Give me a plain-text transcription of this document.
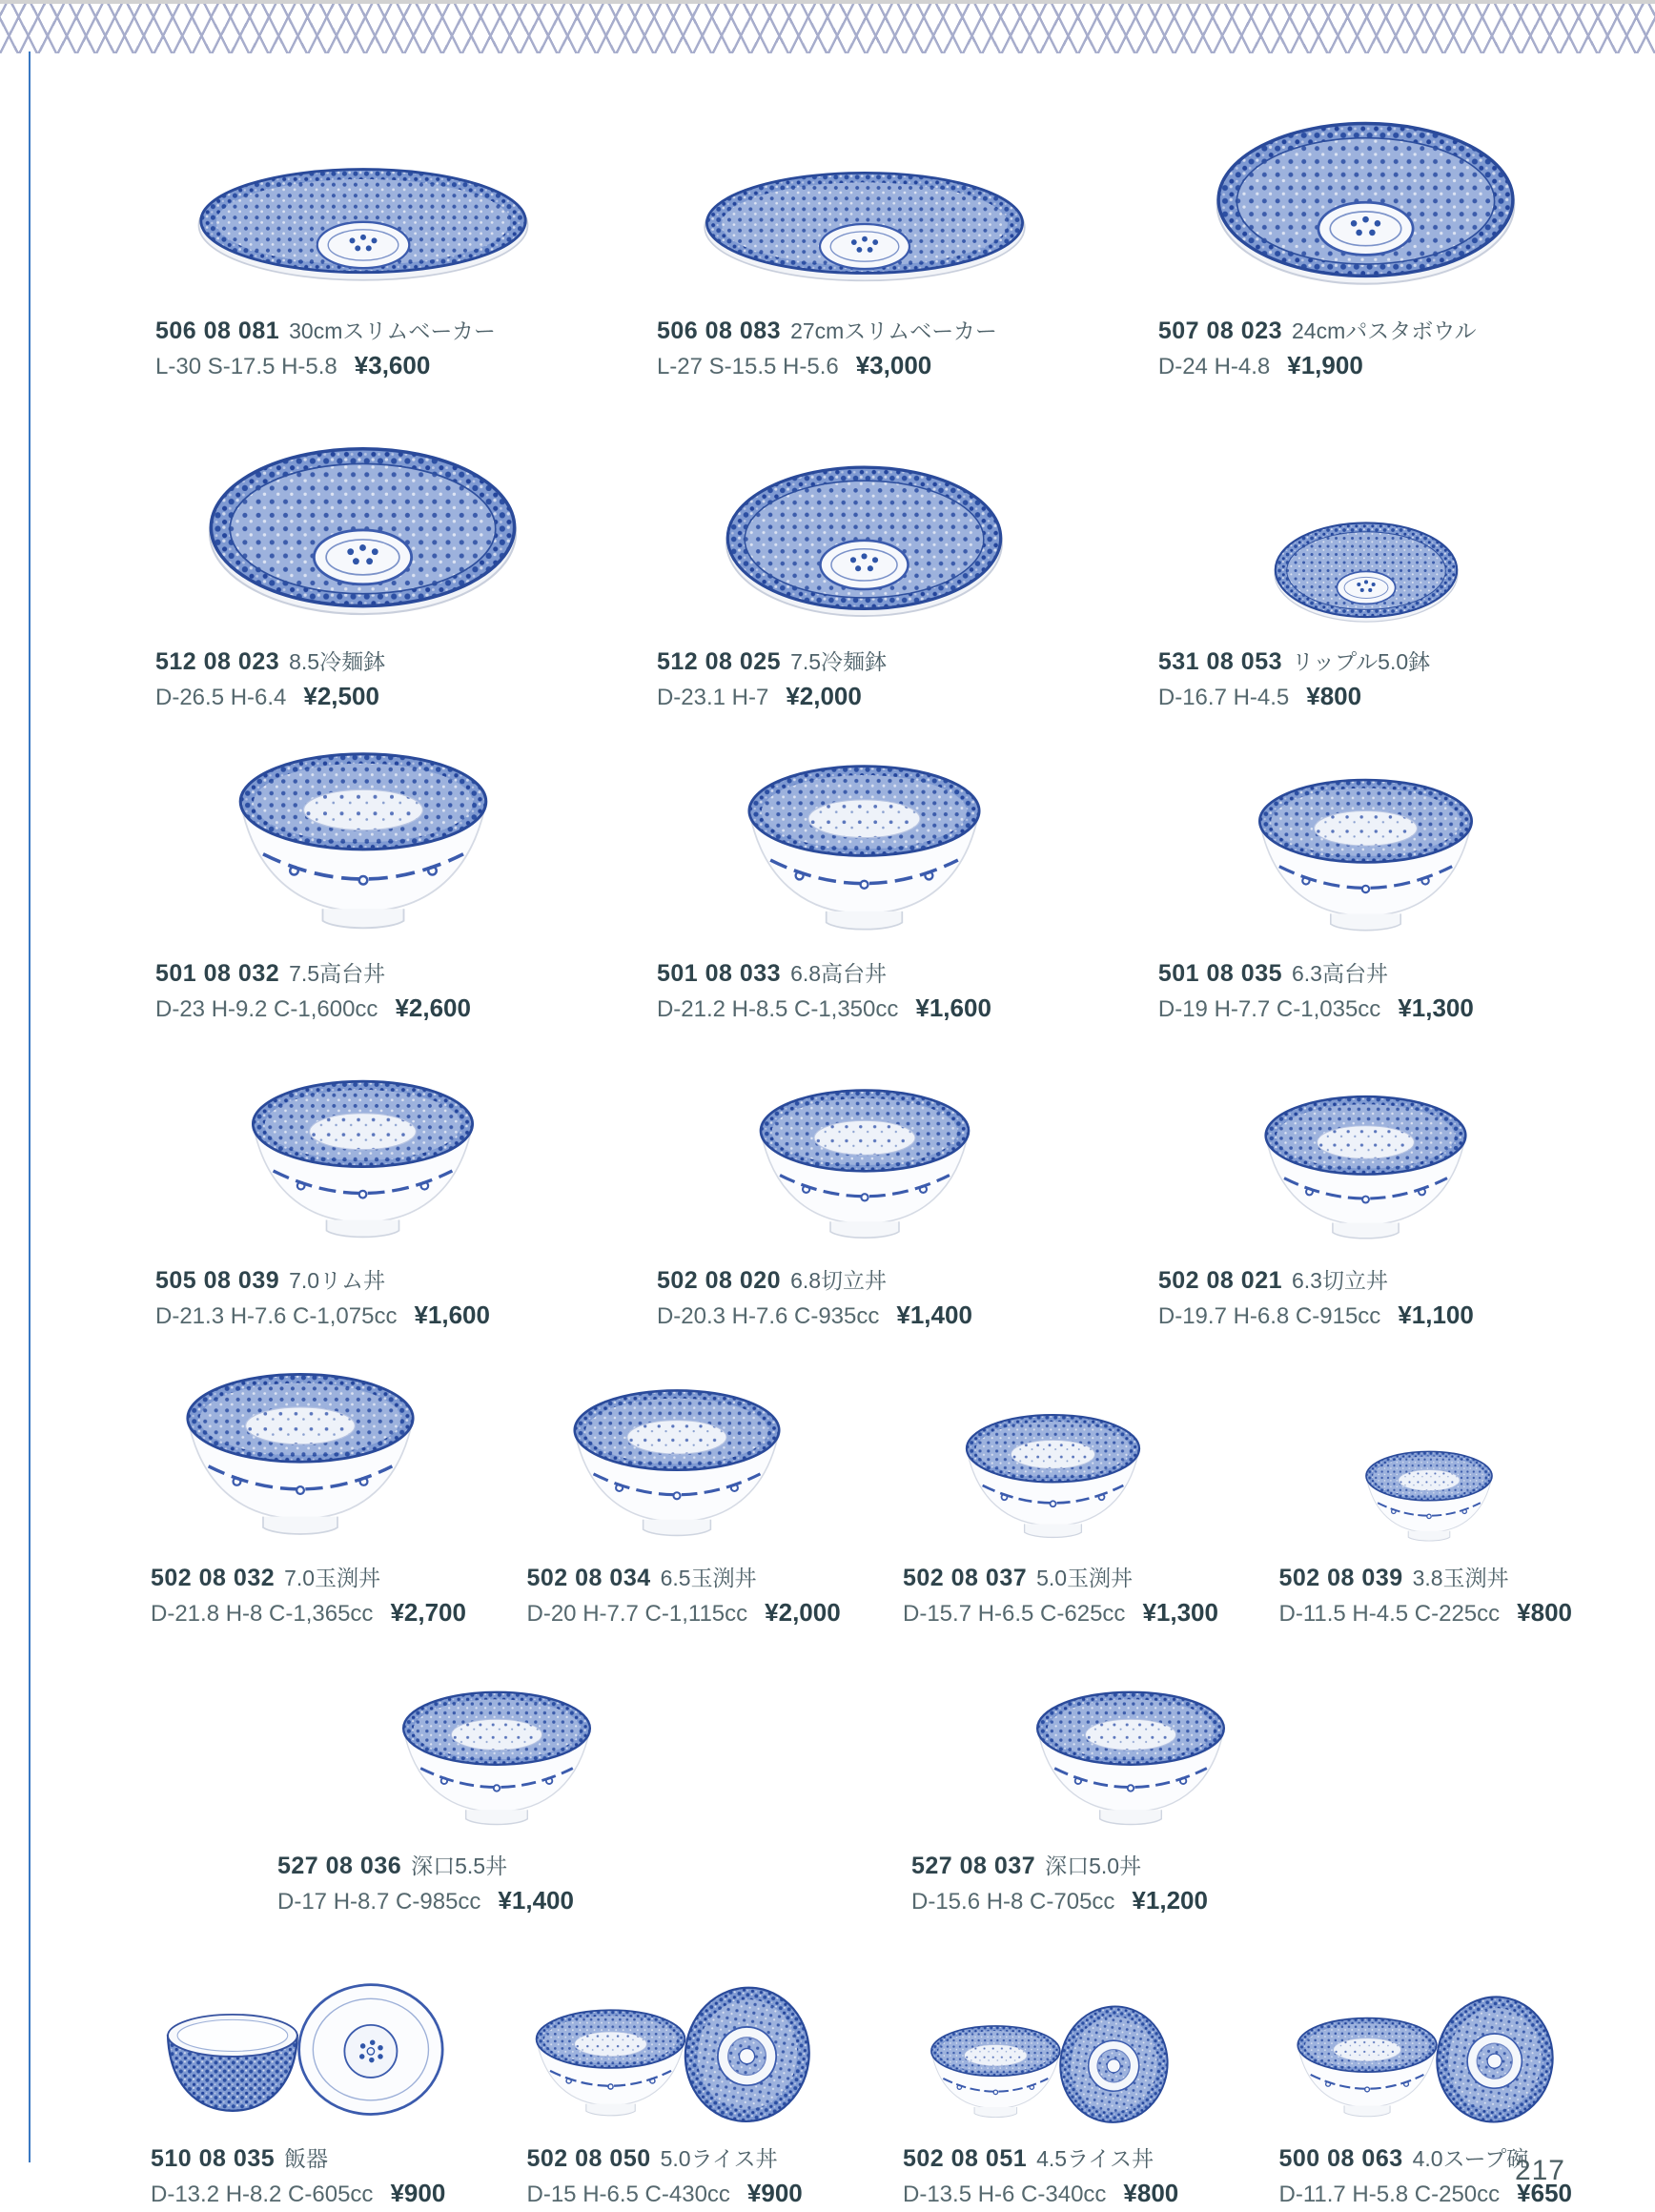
506 08 081 30cmスリムベーカー
L-30 S-17.5 H-5.8 ¥3,600
506 08 083 27cmスリムベーカー
L-27 S-15.5 H-5.6 ¥3,000
507 08 023 24cmパスタボウル
D-24 H-4.8 ¥1,900
512 08 023 8.5冷麺鉢
D-26.5 H-6.4 ¥2,500
512 08 025 7.5冷麺鉢
D-23.1 H-7 ¥2,000
531 08 053 リップル5.0鉢
D-16.7 H-4.5 ¥800
501 08 032 7.5高台丼
D-23 H-9.2 C-1,600cc ¥2,600
501 08 033 6.8高台丼
D-21.2 H-8.5 C-1,350cc ¥1,600
501 08 035 6.3高台丼
D-19 H-7.7 C-1,035cc ¥1,300
505 08 039 7.0リム丼
D-21.3 H-7.6 C-1,075cc ¥1,600
502 08 020 6.8切立丼
D-20.3 H-7.6 C-935cc ¥1,400
502 08 021 6.3切立丼
D-19.7 H-6.8 C-915cc ¥1,100
502 08 032 7.0玉渕丼
D-21.8 H-8 C-1,365cc ¥2,700
502 08 034 6.5玉渕丼
D-20 H-7.7 C-1,115cc ¥2,000
502 08 037 5.0玉渕丼
D-15.7 H-6.5 C-625cc ¥1,300
502 08 039 3.8玉渕丼
D-11.5 H-4.5 C-225cc ¥800
527 08 036 深口5.5丼
D-17 H-8.7 C-985cc ¥1,400
527 08 037 深口5.0丼
D-15.6 H-8 C-705cc ¥1,200
510 08 035 飯器
D-13.2 H-8.2 C-605cc ¥900
502 08 050 5.0ライス丼
D-15 H-6.5 C-430cc ¥900
502 08 051 4.5ライス丼
D-13.5 H-6 C-340cc ¥800
500 08 063 4.0スープ碗
D-11.7 H-5.8 C-250cc ¥650
217
